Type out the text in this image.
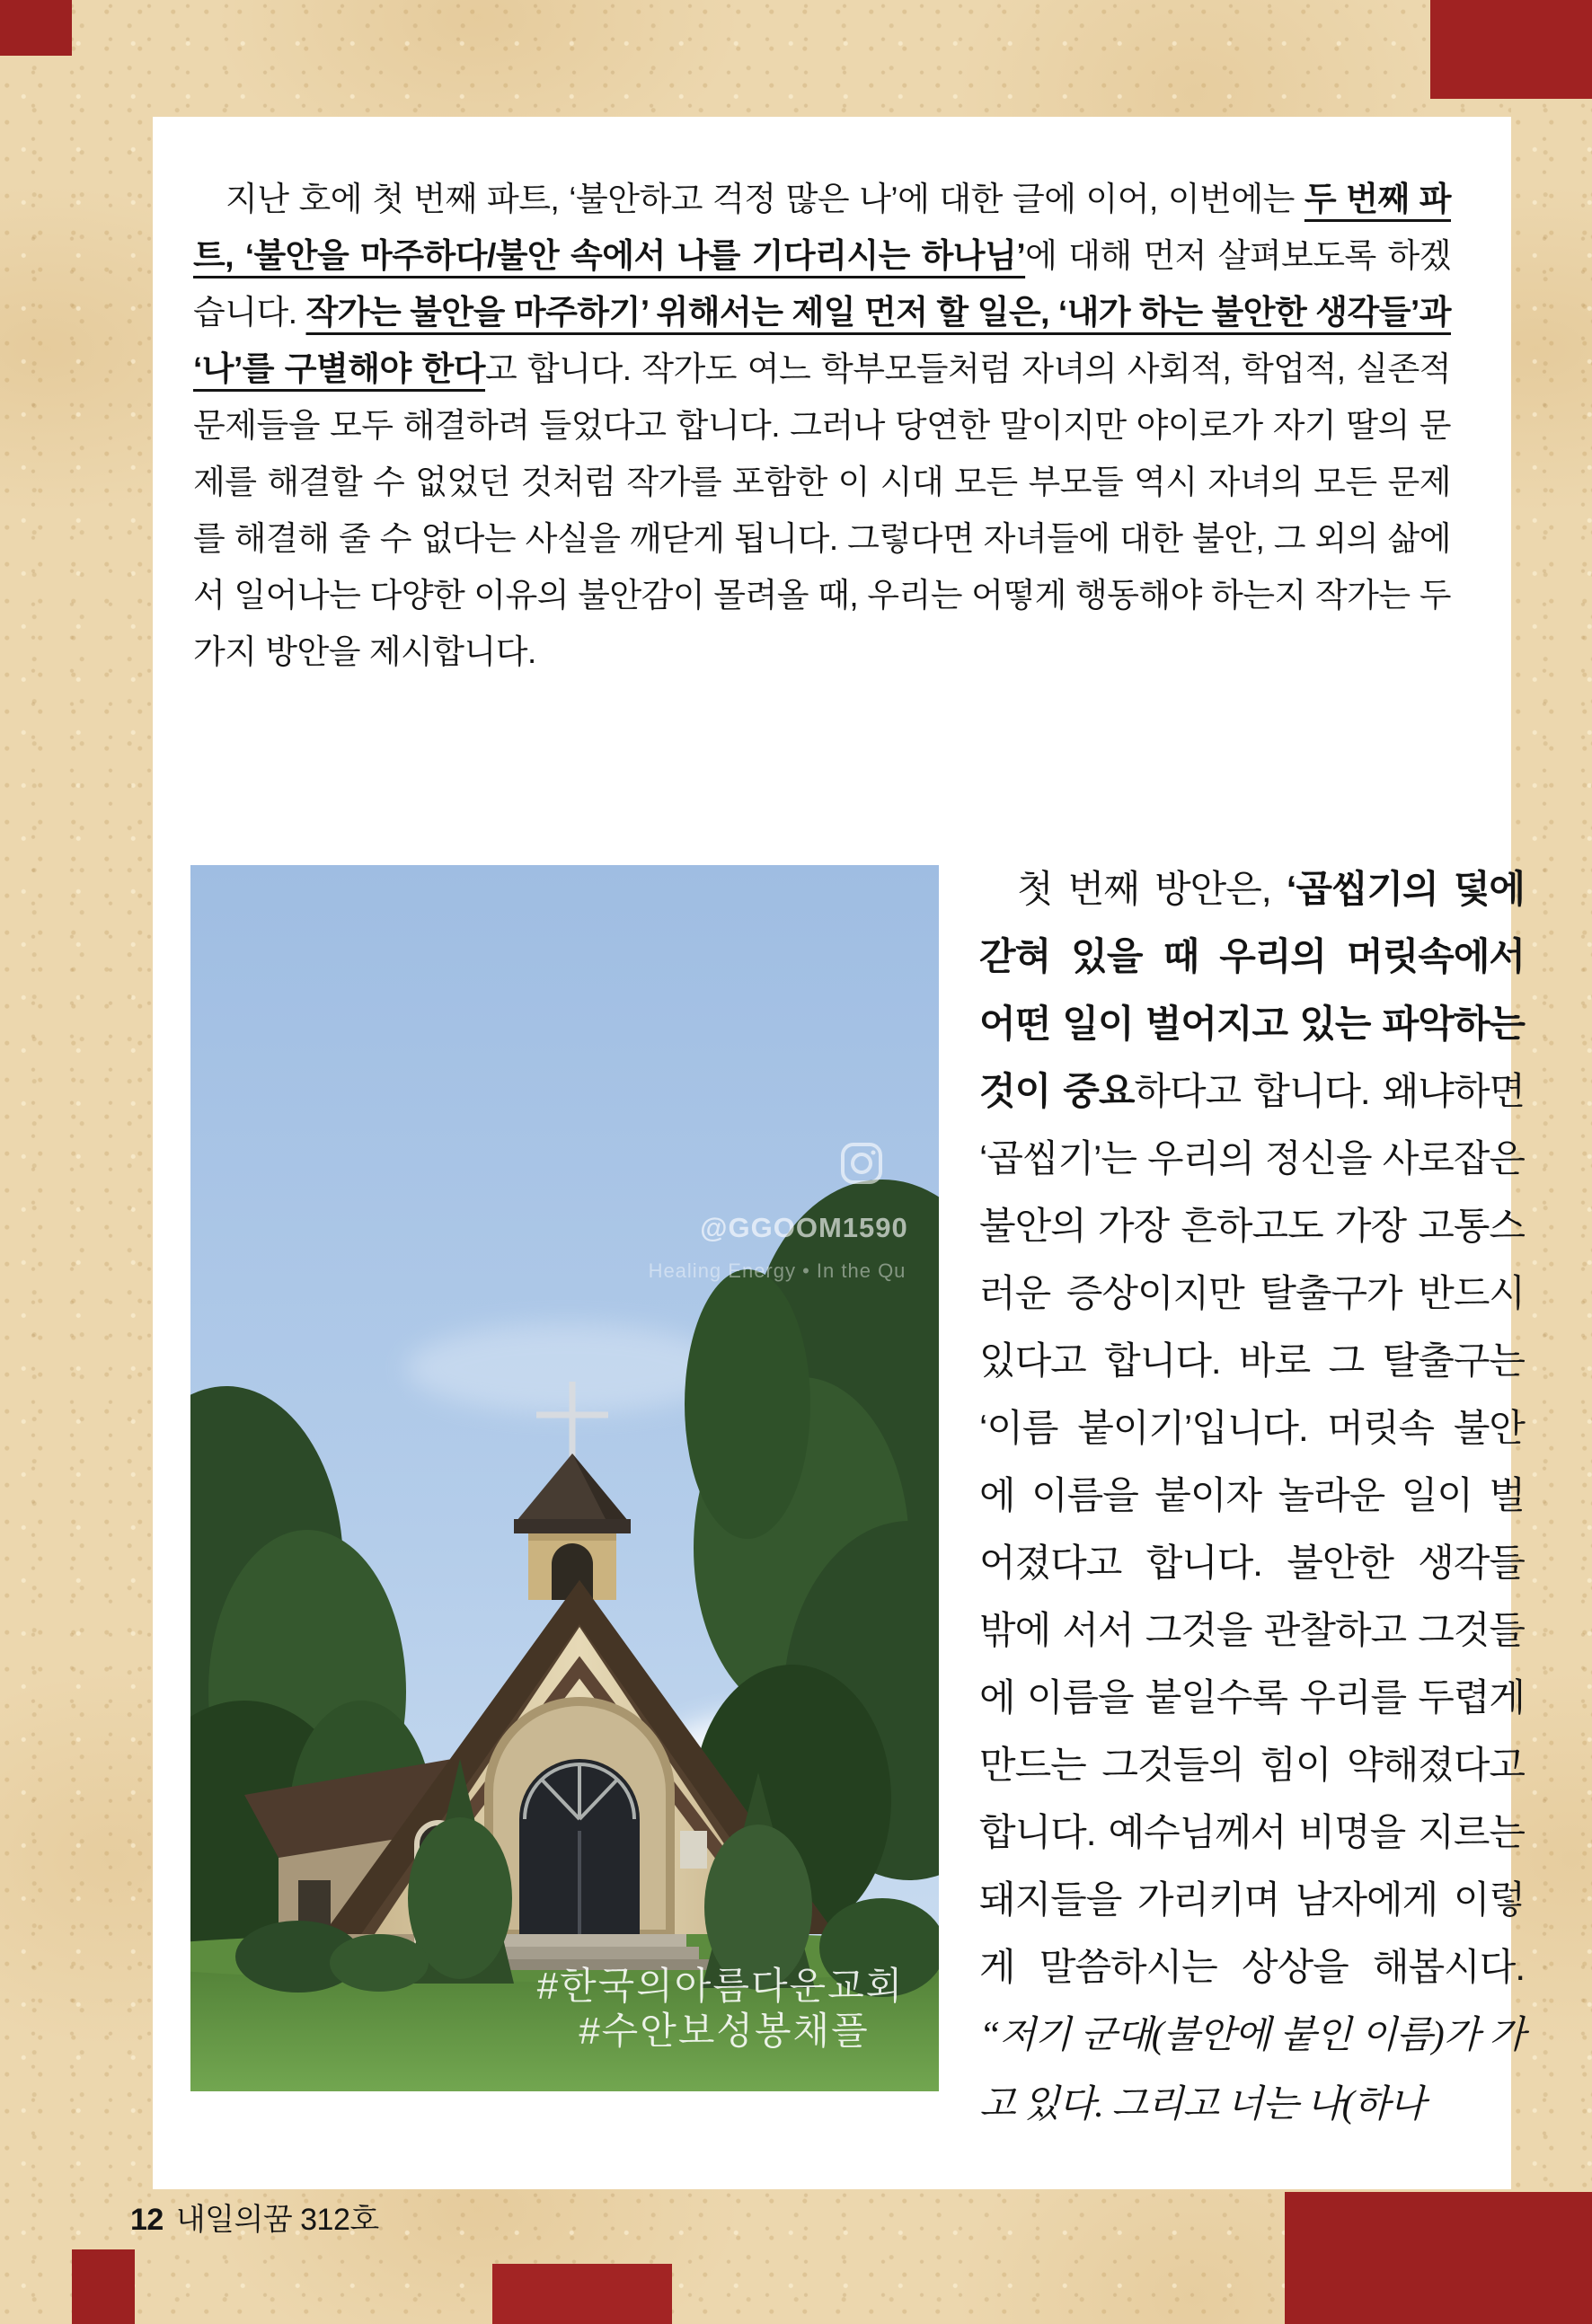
지난 호에 첫 번째 파트, ‘불안하고 걱정 많은 나’에 대한 글에 이어, 이번에는 두 번째 파트, ‘불안을 마주하다/불안 속에서 나를 기다리시는 하나님’에 대해 먼저 살펴보도록 하겠습니다. 작가는 불안을 마주하기’ 위해서는 제일 먼저 할 일은, ‘내가 하는 불안한 생각들’과 ‘나’를 구별해야 한다고 합니다. 작가도 여느 학부모들처럼 자녀의 사회적, 학업적, 실존적 문제들을 모두 해결하려 들었다고 합니다. 그러나 당연한 말이지만 야이로가 자기 딸의 문제를 해결할 수 없었던 것처럼 작가를 포함한 이 시대 모든 부모들 역시 자녀의 모든 문제를 해결해 줄 수 없다는 사실을 깨닫게 됩니다. 그렇다면 자녀들에 대한 불안, 그 외의 삶에서 일어나는 다양한 이유의 불안감이 몰려올 때, 우리는 어떻게 행동해야 하는지 작가는 두 가지 방안을 제시합니다.
@GGOOM1590
Healing Energy • In the Qu
#한국의아름다운교회
#수안보성봉채플
첫 번째 방안은, ‘곱씹기의 덫에 갇혀 있을 때 우리의 머릿속에서 어떤 일이 벌어지고 있는 파악하는 것이 중요하다고 합니다. 왜냐하면 ‘곱씹기’는 우리의 정신을 사로잡은 불안의 가장 흔하고도 가장 고통스러운 증상이지만 탈출구가 반드시 있다고 합니다. 바로 그 탈출구는 ‘이름 붙이기’입니다. 머릿속 불안에 이름을 붙이자 놀라운 일이 벌어졌다고 합니다. 불안한 생각들 밖에 서서 그것을 관찰하고 그것들에 이름을 붙일수록 우리를 두렵게 만드는 그것들의 힘이 약해졌다고 합니다. 예수님께서 비명을 지르는 돼지들을 가리키며 남자에게 이렇게 말씀하시는 상상을 해봅시다. “저기 군대(불안에 붙인 이름)가 가고 있다. 그리고 너는 나(하나
12 내일의꿈 312호
